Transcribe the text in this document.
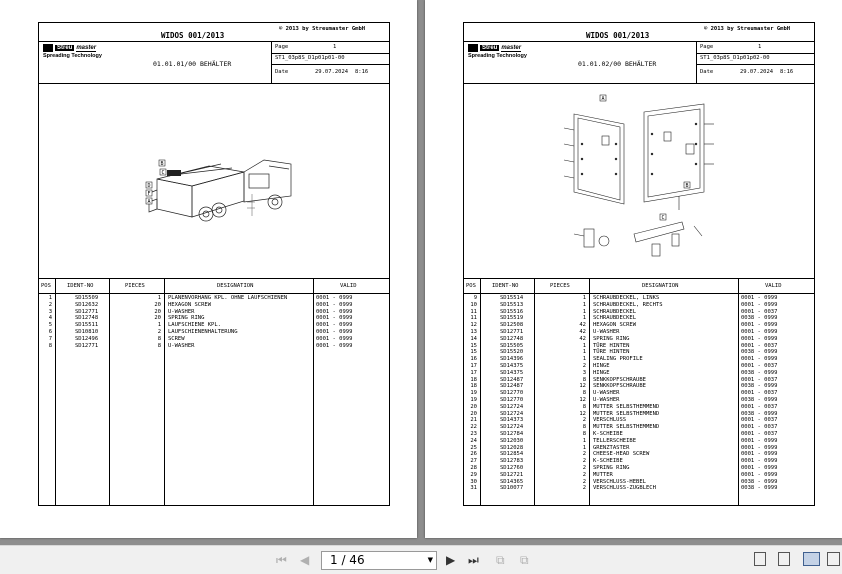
© 2013 by Streumaster GmbH
WIDOS 001/2013
Streu master
Spreading Technology
01.01.01/00 BEHÄLTER
Page	1
ST1_03p8S_D1p01p01-00
Date	29.07.2024 8:16
B
D
F
A
C
POS	IDENT-NO	PIECES	DESIGNATION	VALID
1	SD15509	1 PLANENVORHANG KPL. OHNE LAUFSCHIENEN	0001 - 0999
2	SD12632	20 HEXAGON SCREW	0001 - 0999
3	SD12771	20 U-WASHER	0001 - 0999
4	SD12748	20 SPRING RING	0001 - 0999
5	SD15511	1 LAUFSCHIENE KPL.	0001 - 0999
6	SD10810	2 LAUFSCHIENENHALTERUNG	0001 - 0999
7	SD12496	8 SCREW	0001 - 0999
8	SD12771	8 U-WASHER	0001 - 0999
© 2013 by Streumaster GmbH
WIDOS 001/2013
Streu master
Spreading Technology
01.01.02/00 BEHÄLTER
Page	1
ST1_03p8S_D1p01p02-00
Date	29.07.2024 8:16
A
C
B
POS	IDENT-NO	PIECES	DESIGNATION	VALID
9	SD15514	1 SCHRAUBDECKEL, LINKS	0001 - 0999
10	SD15513	1 SCHRAUBDECKEL, RECHTS	0001 - 0999
11	SD15516	1 SCHRAUBDECKEL	0001 - 0037
11	SD15519	1 SCHRAUBDECKEL	0038 - 0999
12	SD12508	42 HEXAGON SCREW	0001 - 0999
13	SD12771	42 U-WASHER	0001 - 0999
14	SD12748	42 SPRING RING	0001 - 0999
15	SD15505	1 TÜRE HINTEN	0001 - 0037
15	SD15520	1 TÜRE HINTEN	0038 - 0999
16	SD14396	1 SEALING PROFILE	0001 - 0999
17	SD14375	2 HINGE	0001 - 0037
17	SD14375	3 HINGE	0038 - 0999
18	SD12487	8 SENKKOPFSCHRAUBE	0001 - 0037
18	SD12487	12 SENKKOPFSCHRAUBE	0038 - 0999
19	SD12770	8 U-WASHER	0001 - 0037
19	SD12770	12 U-WASHER	0038 - 0999
20	SD12724	8 MUTTER SELBSTHEMMEND	0001 - 0037
20	SD12724	12 MUTTER SELBSTHEMMEND	0038 - 0999
21	SD14373	2 VERSCHLUSS	0001 - 0037
22	SD12724	8 MUTTER SELBSTHEMMEND	0001 - 0037
23	SD12784	8 K-SCHEIBE	0001 - 0037
24	SD12030	1 TELLERSCHEIBE	0001 - 0999
25	SD12028	1 GRENZTASTER	0001 - 0999
26	SD12854	2 CHEESE-HEAD SCREW	0001 - 0999
27	SD12783	2 K-SCHEIBE	0001 - 0999
28	SD12760	2 SPRING RING	0001 - 0999
29	SD12721	2 MUTTER	0001 - 0999
30	SD14365	2 VERSCHLUSS-HEBEL	0038 - 0999
31	SD10077	2 VERSCHLUSS-ZUGBLECH	0038 - 0999
⏮ ◀ 1 / 46	▼ ▶ ⏭ ⧉ ⧉
